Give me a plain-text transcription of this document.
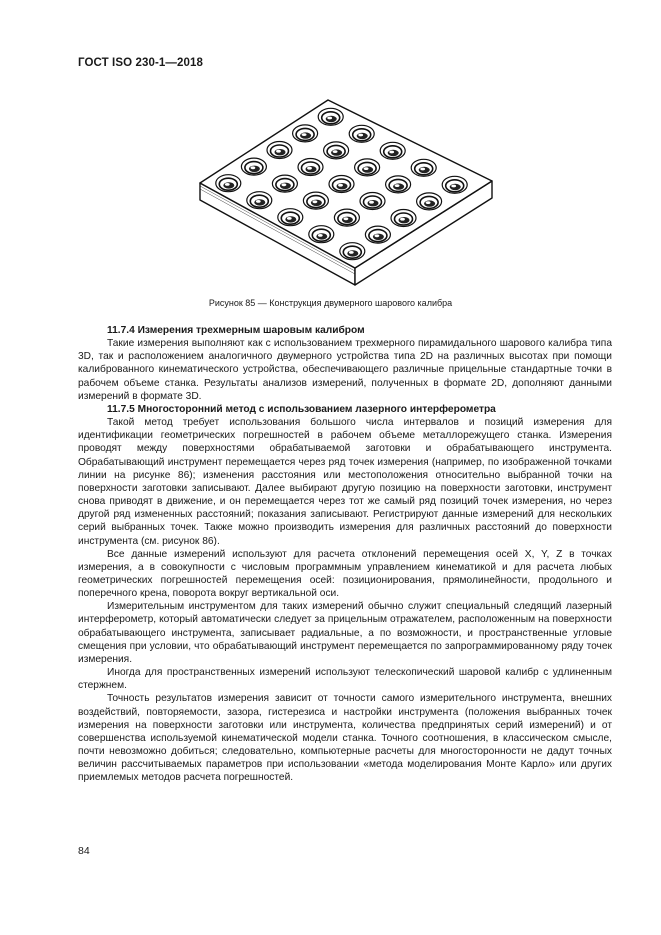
ГОСТ ISO 230-1—2018
Рисунок 85 — Конструкция двумерного шарового калибра

11.7.4 Измерения трехмерным шаровым калибром

Такие измерения выполняют как с использованием трехмерного пирамидального шарового калибра типа 3D, так и расположением аналогичного двумерного устройства типа 2D на различных высотах при помощи калиброванного кинематического устройства, обеспечивающего различные прицельные стандартные точки в рабочем объеме станка. Результаты анализов измерений, полученных в формате 2D, дополняют данными измерений в формате 3D.

11.7.5 Многосторонний метод с использованием лазерного интерферометра

Такой метод требует использования большого числа интервалов и позиций измерения для идентификации геометрических погрешностей в рабочем объеме металлорежущего станка. Измерения проводят между поверхностями обрабатываемой заготовки и обрабатывающего инструмента. Обрабатывающий инструмент перемещается через ряд точек измерения (например, по изображенной точками линии на рисунке 86); изменения расстояния или местоположения относительно выбранной точки на поверхности заготовки записывают. Далее выбирают другую позицию на поверхности заготовки, инструмент снова приводят в движение, и он перемещается через тот же самый ряд позиций точек измерения, но через другой ряд измененных расстояний; показания записывают. Регистрируют данные измерений для нескольких серий выбранных точек. Также можно производить измерения для различных расстояний до поверхности инструмента (см. рисунок 86).

Все данные измерений используют для расчета отклонений перемещения осей X, Y, Z в точках измерения, а в совокупности с числовым программным управлением кинематикой и для расчета любых геометрических погрешностей перемещения осей: позиционирования, прямолинейности, продольного и поперечного крена, поворота вокруг вертикальной оси.

Измерительным инструментом для таких измерений обычно служит специальный следящий лазерный интерферометр, который автоматически следует за прицельным отражателем, расположенным на поверхности обрабатывающего инструмента, записывает радиальные, а по возможности, и пространственные угловые смещения при условии, что обрабатывающий инструмент перемещается по запрограммированному ряду точек измерения.

Иногда для пространственных измерений используют телескопический шаровой калибр с удлиненным стержнем.

Точность результатов измерения зависит от точности самого измерительного инструмента, внешних воздействий, повторяемости, зазора, гистерезиса и настройки инструмента (положения выбранных точек измерения на поверхности заготовки или инструмента, количества предпринятых серий измерений) и от совершенства используемой кинематической модели станка. Точного соотношения, в классическом смысле, почти невозможно добиться; следовательно, компьютерные расчеты для многосторонности не дадут точных величин рассчитываемых параметров при использовании «метода моделирования Монте Карло» или других приемлемых методов расчета погрешностей.

84
